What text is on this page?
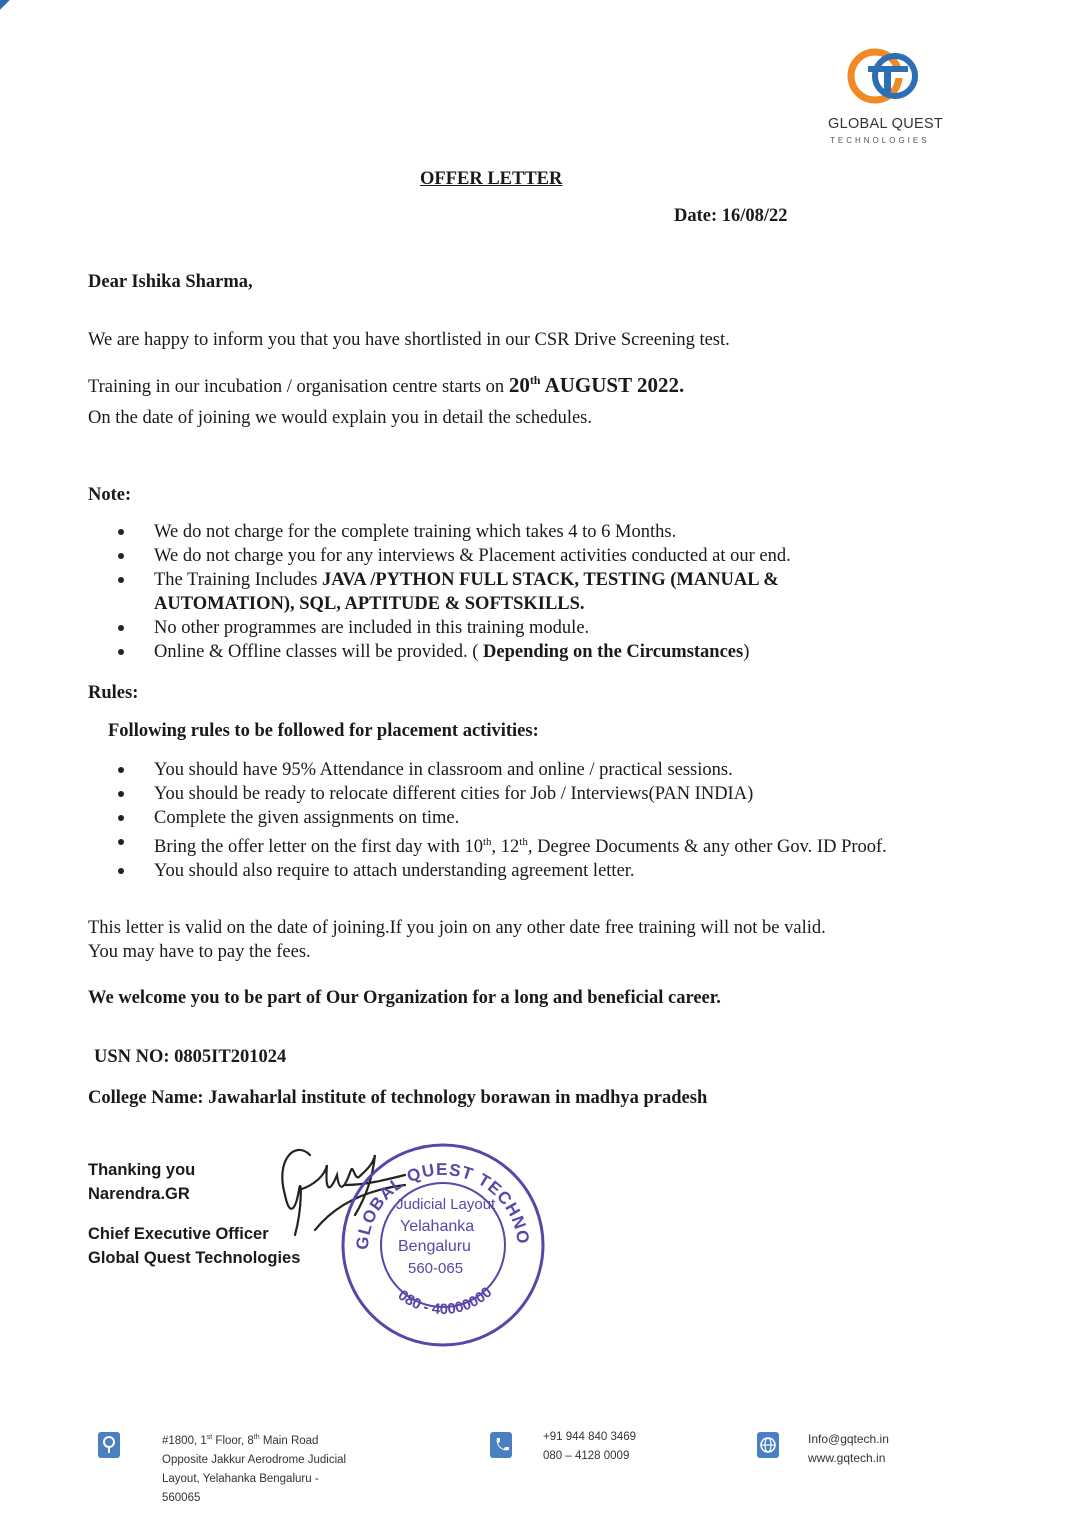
GLOBAL QUEST
TECHNOLOGIES
OFFER LETTER
Date: 16/08/22
Dear Ishika Sharma,
We are happy to inform you that you have shortlisted in our CSR Drive Screening test.
Training in our incubation / organisation centre starts on 20th AUGUST 2022.
On the date of joining we would explain you in detail the schedules.
Note:
We do not charge for the complete training which takes 4 to 6 Months.
We do not charge you for any interviews & Placement activities conducted at our end.
The Training Includes JAVA /PYTHON FULL STACK, TESTING (MANUAL & AUTOMATION), SQL, APTITUDE & SOFTSKILLS.
No other programmes are included in this training module.
Online & Offline classes will be provided. ( Depending on the Circumstances)
Rules:
Following rules to be followed for placement activities:
You should have 95% Attendance in classroom and online / practical sessions.
You should be ready to relocate different cities for Job / Interviews(PAN INDIA)
Complete the given assignments on time.
Bring the offer letter on the first day with 10th, 12th, Degree Documents & any other Gov. ID Proof.
You should also require to attach understanding agreement letter.
This letter is valid on the date of joining.If you join on any other date free training will not be valid.
You may have to pay the fees.
We welcome you to be part of Our Organization for a long and beneficial career.
USN NO: 0805IT201024
College Name: Jawaharlal institute of technology borawan in madhya pradesh
Thanking you
Narendra.GR
Chief Executive Officer
Global Quest Technologies
GLOBAL QUEST TECHNO
080 - 40000000
Judicial Layout
Yelahanka
Bengaluru
560-065
#1800, 1st Floor, 8th Main Road
Opposite Jakkur Aerodrome Judicial
Layout, Yelahanka Bengaluru -
560065
+91 944 840 3469
080 – 4128 0009
Info@gqtech.in
www.gqtech.in
